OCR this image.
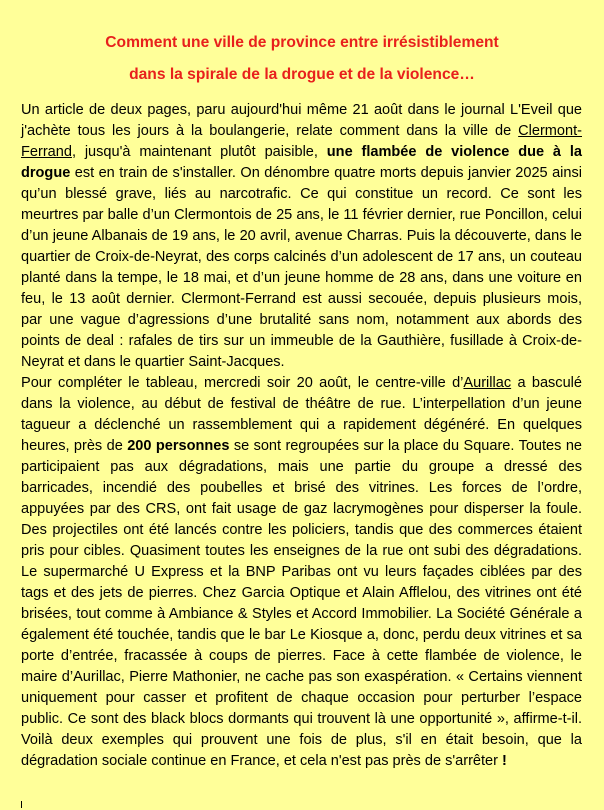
Comment une ville de province entre irrésistiblement
dans la spirale de la drogue et de la violence…

Un article de deux pages, paru aujourd'hui même 21 août dans le journal L'Eveil que j'achète tous les jours à la boulangerie, relate comment dans la ville de Clermont-Ferrand, jusqu'à maintenant plutôt paisible, une flambée de violence due à la drogue est en train de s'installer. On dénombre quatre morts depuis janvier 2025 ainsi qu’un blessé grave, liés au narcotrafic. Ce qui constitue un record. Ce sont les meurtres par balle d’un Clermontois de 25 ans, le 11 février dernier, rue Poncillon, celui d’un jeune Albanais de 19 ans, le 20 avril, avenue Charras. Puis la découverte, dans le quartier de Croix-de-Neyrat, des corps calcinés d’un adolescent de 17 ans, un couteau planté dans la tempe, le 18 mai, et d’un jeune homme de 28 ans, dans une voiture en feu, le 13 août dernier. Clermont-Ferrand est aussi secouée, depuis plusieurs mois, par une vague d’agressions d’une brutalité sans nom, notamment aux abords des points de deal : rafales de tirs sur un immeuble de la Gauthière, fusillade à Croix-de-Neyrat et dans le quartier Saint-Jacques.

Pour compléter le tableau, mercredi soir 20 août, le centre-ville d’Aurillac a basculé dans la violence, au début de festival de théâtre de rue. L’interpellation d’un jeune tagueur a déclenché un rassemblement qui a rapidement dégénéré. En quelques heures, près de 200 personnes se sont regroupées sur la place du Square. Toutes ne participaient pas aux dégradations, mais une partie du groupe a dressé des barricades, incendié des poubelles et brisé des vitrines. Les forces de l’ordre, appuyées par des CRS, ont fait usage de gaz lacrymogènes pour disperser la foule. Des projectiles ont été lancés contre les policiers, tandis que des commerces étaient pris pour cibles. Quasiment toutes les enseignes de la rue ont subi des dégradations. Le supermarché U Express et la BNP Paribas ont vu leurs façades ciblées par des tags et des jets de pierres. Chez Garcia Optique et Alain Afflelou, des vitrines ont été brisées, tout comme à Ambiance & Styles et Accord Immobilier. La Société Générale a également été touchée, tandis que le bar Le Kiosque a, donc, perdu deux vitrines et sa porte d’entrée, fracassée à coups de pierres. Face à cette flambée de violence, le maire d’Aurillac, Pierre Mathonier, ne cache pas son exaspération. « Certains viennent uniquement pour casser et profitent de chaque occasion pour perturber l’espace public. Ce sont des black blocs dormants qui trouvent là une opportunité », affirme-t-il. Voilà deux exemples qui prouvent une fois de plus, s'il en était besoin, que la dégradation sociale continue en France, et cela n'est pas près de s'arrêter !
